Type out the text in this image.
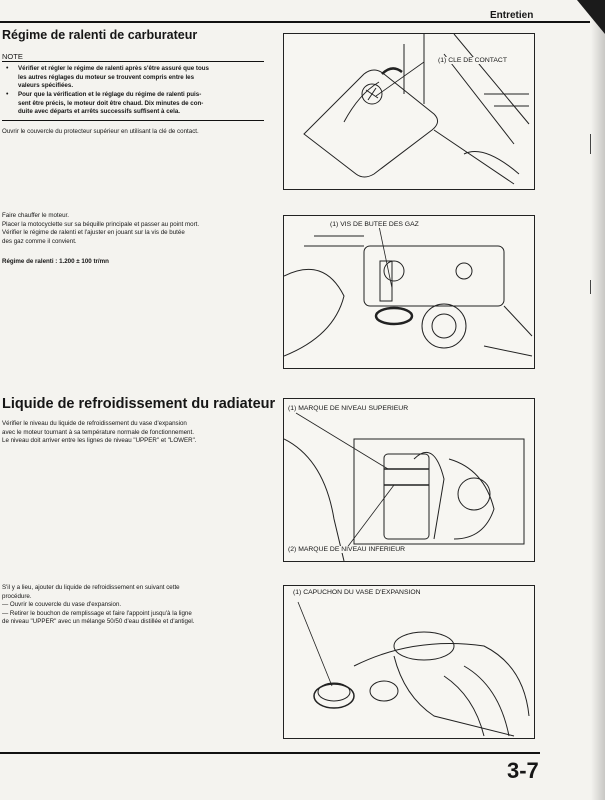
Entretien
Régime de ralenti de carburateur
NOTE
• Vérifier et régler le régime de ralenti après s'être assuré que tous
les autres réglages du moteur se trouvent compris entre les
valeurs spécifiées.
• Pour que la vérification et le réglage du régime de ralenti puis-
sent être précis, le moteur doit être chaud. Dix minutes de con-
duite avec départs et arrêts successifs suffisent à cela.
Ouvrir le couvercle du protecteur supérieur en utilisant la clé de contact.
Faire chauffer le moteur.
Placer la motocyclette sur sa béquille principale et passer au point mort.
Vérifier le régime de ralenti et l'ajuster en jouant sur la vis de butée
des gaz comme il convient.
Régime de ralenti : 1.200 ± 100 tr/mn
(1) CLE DE CONTACT
(1) VIS DE BUTEE DES GAZ
Liquide de refroidissement du radiateur
Vérifier le niveau du liquide de refroidissement du vase d'expansion
avec le moteur tournant à sa température normale de fonctionnement.
Le niveau doit arriver entre les lignes de niveau "UPPER" et "LOWER".
S'il y a lieu, ajouter du liquide de refroidissement en suivant cette
procédure.
— Ouvrir le couvercle du vase d'expansion.
— Retirer le bouchon de remplissage et faire l'appoint jusqu'à la ligne
de niveau "UPPER" avec un mélange 50/50 d'eau distillée et d'antigel.
(1) MARQUE DE NIVEAU SUPERIEUR
(2) MARQUE DE NIVEAU INFERIEUR
(1) CAPUCHON DU VASE D'EXPANSION
3-7
